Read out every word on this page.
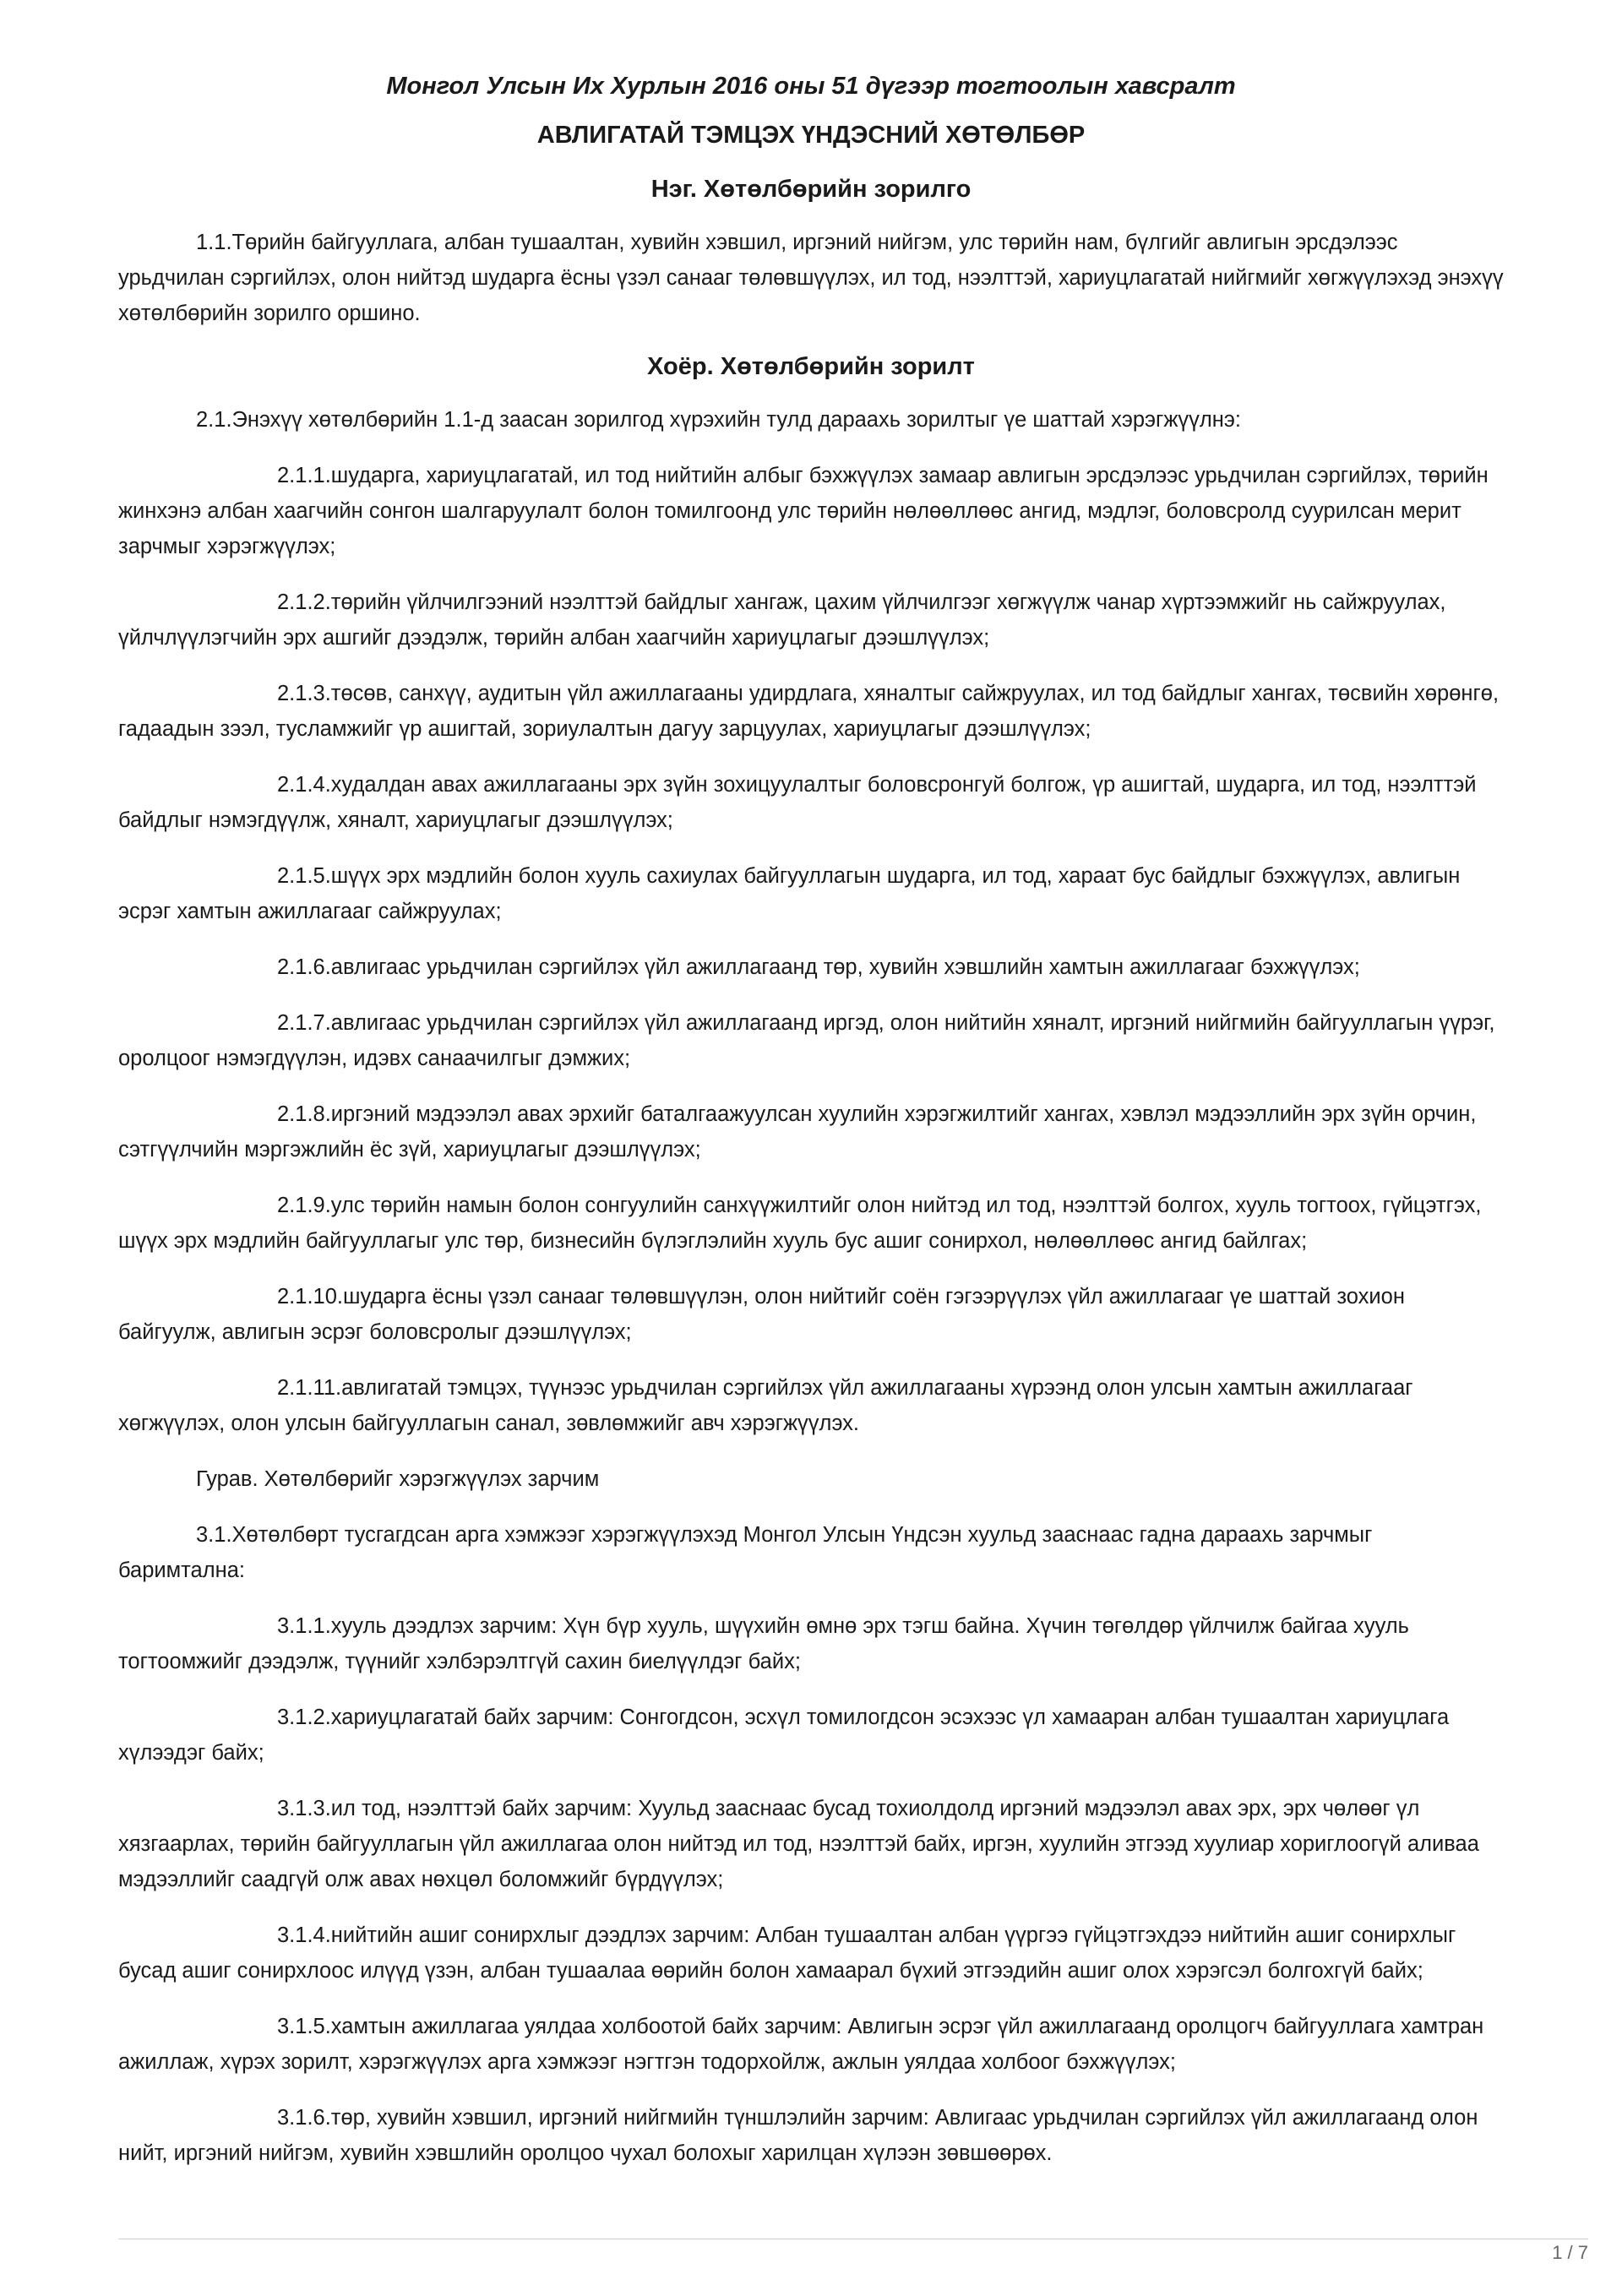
Монгол Улсын Их Хурлын 2016 оны 51 дүгээр тогтоолын хавсралт
АВЛИГАТАЙ ТЭМЦЭХ ҮНДЭСНИЙ ХӨТӨЛБӨР
Нэг. Хөтөлбөрийн зорилго

1.1.Төрийн байгууллага, албан тушаалтан, хувийн хэвшил, иргэний нийгэм, улс төрийн нам, бүлгийг авлигын эрсдэлээс урьдчилан сэргийлэх, олон нийтэд шударга ёсны үзэл санааг төлөвшүүлэх, ил тод, нээлттэй, хариуцлагатай нийгмийг хөгжүүлэхэд энэхүү хөтөлбөрийн зорилго оршино.

Хоёр. Хөтөлбөрийн зорилт

2.1.Энэхүү хөтөлбөрийн 1.1-д заасан зорилгод хүрэхийн тулд дараахь зорилтыг үе шаттай хэрэгжүүлнэ:

2.1.1.шударга, хариуцлагатай, ил тод нийтийн албыг бэхжүүлэх замаар авлигын эрсдэлээс урьдчилан сэргийлэх, төрийн жинхэнэ албан хаагчийн сонгон шалгаруулалт болон томилгоонд улс төрийн нөлөөллөөс ангид, мэдлэг, боловсролд суурилсан мерит зарчмыг хэрэгжүүлэх;

2.1.2.төрийн үйлчилгээний нээлттэй байдлыг хангаж, цахим үйлчилгээг хөгжүүлж чанар хүртээмжийг нь сайжруулах, үйлчлүүлэгчийн эрх ашгийг дээдэлж, төрийн албан хаагчийн хариуцлагыг дээшлүүлэх;

2.1.3.төсөв, санхүү, аудитын үйл ажиллагааны удирдлага, хяналтыг сайжруулах, ил тод байдлыг хангах, төсвийн хөрөнгө, гадаадын зээл, тусламжийг үр ашигтай, зориулалтын дагуу зарцуулах, хариуцлагыг дээшлүүлэх;

2.1.4.худалдан авах ажиллагааны эрх зүйн зохицуулалтыг боловсронгуй болгож, үр ашигтай, шударга, ил тод, нээлттэй байдлыг нэмэгдүүлж, хяналт, хариуцлагыг дээшлүүлэх;

2.1.5.шүүх эрх мэдлийн болон хууль сахиулах байгууллагын шударга, ил тод, хараат бус байдлыг бэхжүүлэх, авлигын эсрэг хамтын ажиллагааг сайжруулах;

2.1.6.авлигаас урьдчилан сэргийлэх үйл ажиллагаанд төр, хувийн хэвшлийн хамтын ажиллагааг бэхжүүлэх;

2.1.7.авлигаас урьдчилан сэргийлэх үйл ажиллагаанд иргэд, олон нийтийн хяналт, иргэний нийгмийн байгууллагын үүрэг, оролцоог нэмэгдүүлэн, идэвх санаачилгыг дэмжих;

2.1.8.иргэний мэдээлэл авах эрхийг баталгаажуулсан хуулийн хэрэгжилтийг хангах, хэвлэл мэдээллийн эрх зүйн орчин, сэтгүүлчийн мэргэжлийн ёс зүй, хариуцлагыг дээшлүүлэх;

2.1.9.улс төрийн намын болон сонгуулийн санхүүжилтийг олон нийтэд ил тод, нээлттэй болгох, хууль тогтоох, гүйцэтгэх, шүүх эрх мэдлийн байгууллагыг улс төр, бизнесийн бүлэглэлийн хууль бус ашиг сонирхол, нөлөөллөөс ангид байлгах;

2.1.10.шударга ёсны үзэл санааг төлөвшүүлэн, олон нийтийг соён гэгээрүүлэх үйл ажиллагааг үе шаттай зохион байгуулж, авлигын эсрэг боловсролыг дээшлүүлэх;

2.1.11.авлигатай тэмцэх, түүнээс урьдчилан сэргийлэх үйл ажиллагааны хүрээнд олон улсын хамтын ажиллагааг хөгжүүлэх, олон улсын байгууллагын санал, зөвлөмжийг авч хэрэгжүүлэх.

Гурав. Хөтөлбөрийг хэрэгжүүлэх зарчим

3.1.Хөтөлбөрт тусгагдсан арга хэмжээг хэрэгжүүлэхэд Монгол Улсын Үндсэн хуульд зааснаас гадна дараахь зарчмыг баримтална:

3.1.1.хууль дээдлэх зарчим: Хүн бүр хууль, шүүхийн өмнө эрх тэгш байна. Хүчин төгөлдөр үйлчилж байгаа хууль тогтоомжийг дээдэлж, түүнийг хэлбэрэлтгүй сахин биелүүлдэг байх;

3.1.2.хариуцлагатай байх зарчим: Сонгогдсон, эсхүл томилогдсон эсэхээс үл хамааран албан тушаалтан хариуцлага хүлээдэг байх;

3.1.3.ил тод, нээлттэй байх зарчим: Хуульд зааснаас бусад тохиолдолд иргэний мэдээлэл авах эрх, эрх чөлөөг үл хязгаарлах, төрийн байгууллагын үйл ажиллагаа олон нийтэд ил тод, нээлттэй байх, иргэн, хуулийн этгээд хуулиар хориглоогүй аливаа мэдээллийг саадгүй олж авах нөхцөл боломжийг бүрдүүлэх;

3.1.4.нийтийн ашиг сонирхлыг дээдлэх зарчим: Албан тушаалтан албан үүргээ гүйцэтгэхдээ нийтийн ашиг сонирхлыг бусад ашиг сонирхлоос илүүд үзэн, албан тушаалаа өөрийн болон хамаарал бүхий этгээдийн ашиг олох хэрэгсэл болгохгүй байх;

3.1.5.хамтын ажиллагаа уялдаа холбоотой байх зарчим: Авлигын эсрэг үйл ажиллагаанд оролцогч байгууллага хамтран ажиллаж, хүрэх зорилт, хэрэгжүүлэх арга хэмжээг нэгтгэн тодорхойлж, ажлын уялдаа холбоог бэхжүүлэх;

3.1.6.төр, хувийн хэвшил, иргэний нийгмийн түншлэлийн зарчим: Авлигаас урьдчилан сэргийлэх үйл ажиллагаанд олон нийт, иргэний нийгэм, хувийн хэвшлийн оролцоо чухал болохыг харилцан хүлээн зөвшөөрөх.

1 / 7
